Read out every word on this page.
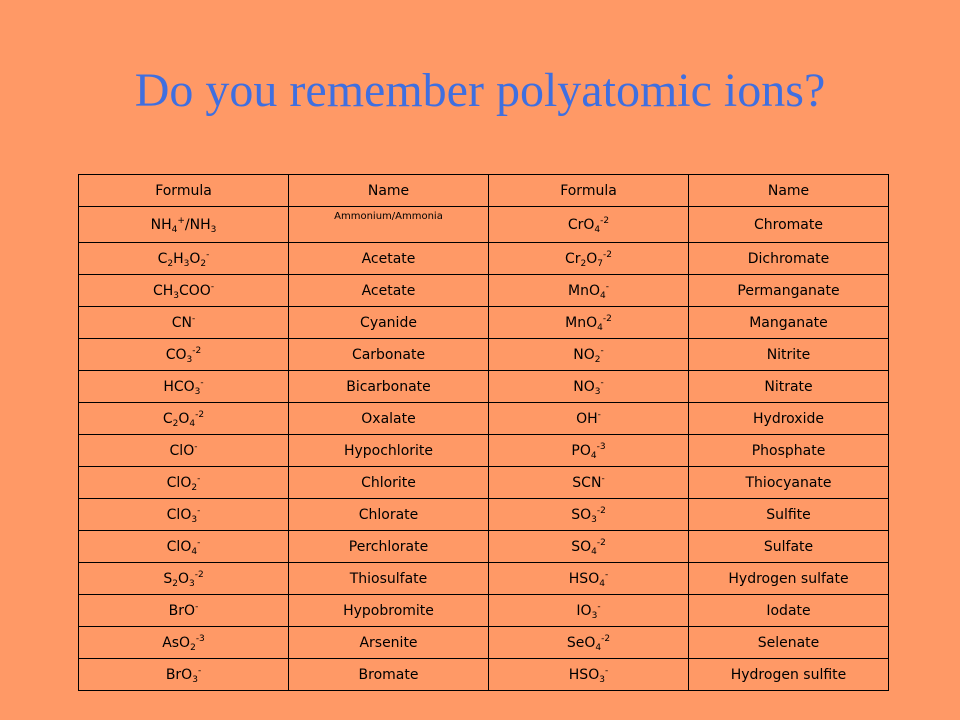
Do you remember polyatomic ions?
Formula	Name	Formula	Name
$NH_4^+/NH_3$	Ammonium/Ammonia	CrO$_4^{-2}$	Chromate
$C_2H_3O_2^-$	Acetate	$Cr_2O_7^{-2}$	Dichromate
$CH_3COO^-$	Acetate	MnO$_4$-	Permanganate
CN-	Cyanide	MnO$_4^{-2}$	Manganate
$CO_3^{-2}$	Carbonate	$NO_2^-$	Nitrite
$HCO_3^-$	Bicarbonate	$NO_3^-$	Nitrate
$C_2O_4^{-2}$	Oxalate	OH-	Hydroxide
ClO-	Hypochlorite	$PO_4^{-3}$	Phosphate
ClO$_2$-	Chlorite	SCN-	Thiocyanate
ClO$_3$-	Chlorate	$SO_3^{-2}$	Sulfite
ClO$_4$-	Perchlorate	$SO_4^{-2}$	Sulfate
$S_2O_3^{-2}$	Thiosulfate	$HSO_4^-$	Hydrogen sulfate
BrO-	Hypobromite	$IO_3^-$	Iodate
AsO$_2^{-3}$	Arsenite	SeO$_4^{-2}$	Selenate
BrO$_3$-	Bromate	$HSO_3^-$	Hydrogen sulfite
